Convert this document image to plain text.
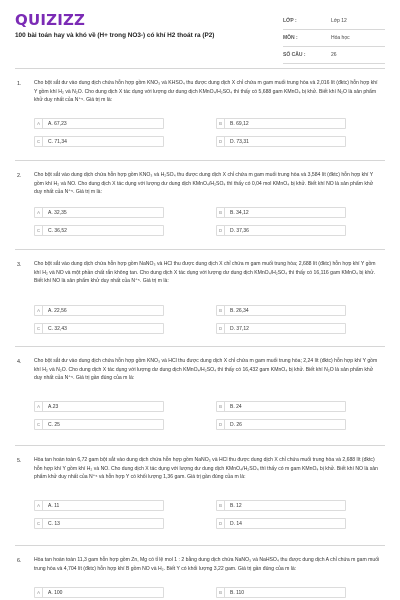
QUIZIZZ
100 bài toán hay và khó về (H+ trong NO3-) có khí H2 thoát ra (P2)
LỚP :	Lớp 12
MÔN :	Hóa học
SỐ CÂU :	26
1. Cho bột sắt dư vào dung dịch chứa hỗn hợp gồm KNO₃ và KHSO₄ thu được dung dịch X chỉ chứa m gam muối trung hòa và 2,016 lít (đktc) hỗn hợp khí Y gồm khí H₂ và N₂O. Cho dung dịch X tác dụng với lượng dư dung dịch KMnO₄/H₂SO₄ thì thấy có 5,688 gam KMnO₄ bị khử. Biết khí N₂O là sản phẩm khử duy nhất của N⁺⁵. Giá trị m là:
A	A. 67,23	B	B. 69,12
C	C. 71,34	D	D. 73,31
2. Cho bột sắt vào dung dịch chứa hỗn hợp gồm KNO₃ và H₂SO₄ thu được dung dịch X chỉ chứa m gam muối trung hòa và 3,584 lít (đktc) hỗn hợp khí Y gồm khí H₂ và NO. Cho dung dịch X tác dụng với lượng dư dung dịch KMnO₄/H₂SO₄ thì thấy có 0,04 mol KMnO₄ bị khử. Biết khí NO là sản phẩm khử duy nhất của N⁺⁵. Giá trị m là:
A	A. 32,35	B	B. 34,12
C	C. 36,52	D	D. 37,36
3. Cho bột sắt vào dung dịch chứa hỗn hợp gồm NaNO₃ và HCl thu được dung dịch X chỉ chứa m gam muối trung hòa; 2,688 lít (đktc) hỗn hợp khí Y gồm khí H₂ và NO và một phần chất rắn không tan. Cho dung dịch X tác dụng với lượng dư dung dịch KMnO₄/H₂SO₄ thì thấy có 16,116 gam KMnO₄ bị khử. Biết khí NO là sản phẩm khử duy nhất của N⁺⁵. Giá trị m là:
A	A. 22,56	B	B. 26,34
C	C. 32,43	D	D. 37,12
4. Cho bột sắt dư vào dung dịch chứa hỗn hợp gồm KNO₃ và HCl thu được dung dịch X chỉ chứa m gam muối trung hòa; 2,24 lít (đktc) hỗn hợp khí Y gồm khí H₂ và N₂O. Cho dung dịch X tác dụng với lượng dư dung dịch KMnO₄/H₂SO₄ thì thấy có 16,432 gam KMnO₄ bị khử. Biết khí N₂O là sản phẩm khử duy nhất của N⁺⁵. Giá trị gần đúng của m là:
A	A.23	B	B. 24
C	C. 25	D	D. 26
5. Hòa tan hoàn toàn 6,72 gam bột sắt vào dung dịch chứa hỗn hợp gồm NaNO₃ và HCl thu được dung dịch X chỉ chứa muối trung hòa và 2,688 lít (đktc) hỗn hợp khí Y gồm khí H₂ và NO. Cho dung dịch X tác dụng với lượng dư dung dịch KMnO₄/H₂SO₄ thì thấy có m gam KMnO₄ bị khử. Biết khí NO là sản phẩm khử duy nhất của N⁺⁵ và hỗn hợp Y có khối lượng 1,36 gam. Giá trị gần đúng của m là:
A	A. 11	B	B. 12
C	C. 13	D	D. 14
6. Hòa tan hoàn toàn 11,3 gam hỗn hợp gồm Zn, Mg có tỉ lệ mol 1 : 2 bằng dung dịch chứa NaNO₃ và NaHSO₄ thu được dung dịch A chỉ chứa m gam muối trung hòa và 4,704 lít (đktc) hỗn hợp khí B gồm NO và H₂. Biết Y có khối lượng 3,22 gam. Giá trị gần đúng của m là:
A	A. 100	B	B. 110
